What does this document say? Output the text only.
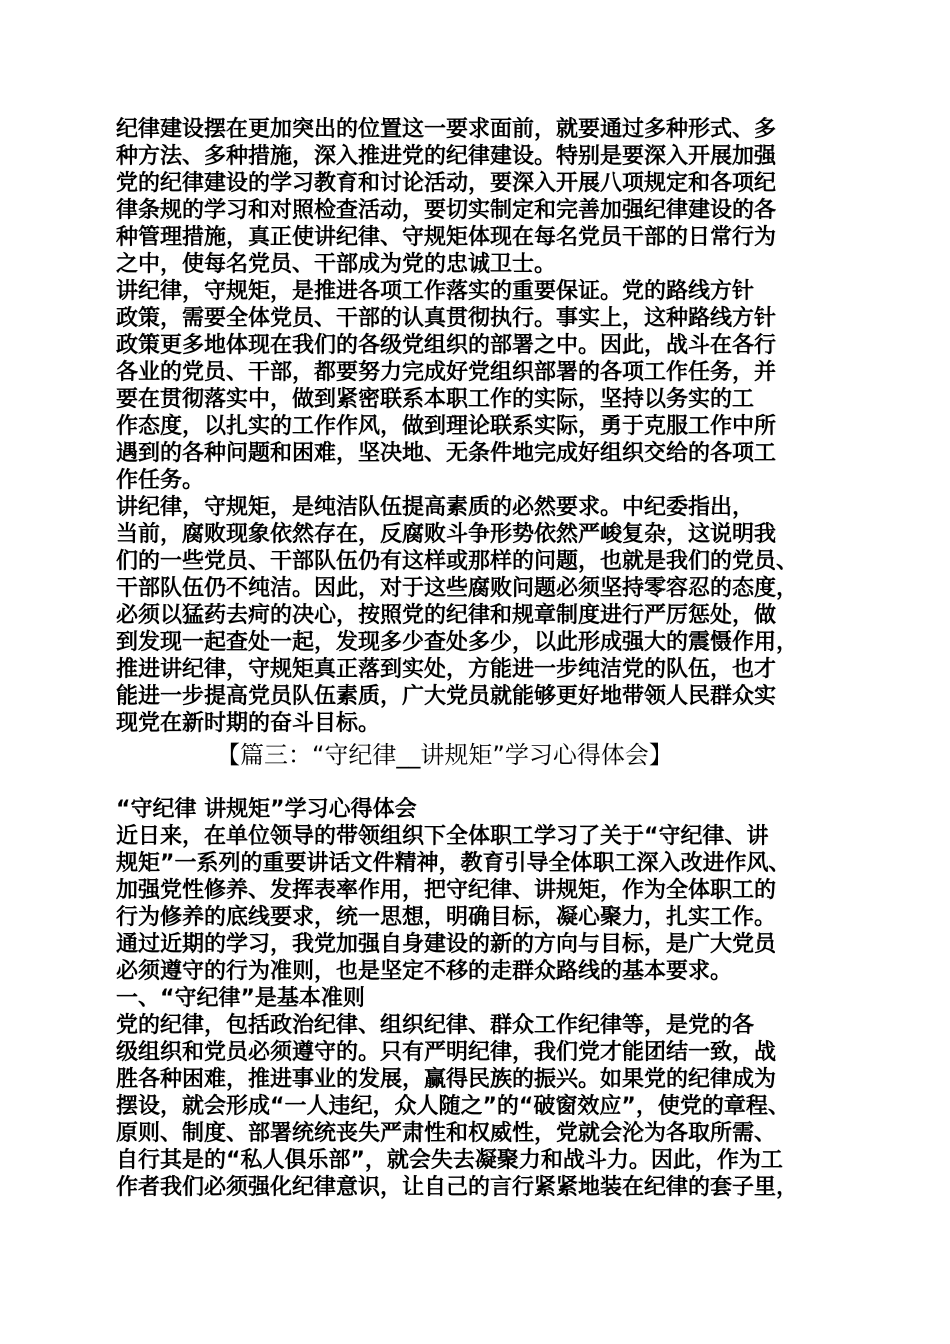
纪律建设摆在更加突出的位置这一要求面前，就要通过多种形式、多
种方法、多种措施，深入推进党的纪律建设。特别是要深入开展加强
党的纪律建设的学习教育和讨论活动，要深入开展八项规定和各项纪
律条规的学习和对照检查活动，要切实制定和完善加强纪律建设的各
种管理措施，真正使讲纪律、守规矩体现在每名党员干部的日常行为
之中，使每名党员、干部成为党的忠诚卫士。
讲纪律，守规矩，是推进各项工作落实的重要保证。党的路线方针
政策，需要全体党员、干部的认真贯彻执行。事实上，这种路线方针
政策更多地体现在我们的各级党组织的部署之中。因此，战斗在各行
各业的党员、干部，都要努力完成好党组织部署的各项工作任务，并
要在贯彻落实中，做到紧密联系本职工作的实际，坚持以务实的工
作态度，以扎实的工作作风，做到理论联系实际，勇于克服工作中所
遇到的各种问题和困难，坚决地、无条件地完成好组织交给的各项工
作任务。
讲纪律，守规矩，是纯洁队伍提高素质的必然要求。中纪委指出，
当前，腐败现象依然存在，反腐败斗争形势依然严峻复杂，这说明我
们的一些党员、干部队伍仍有这样或那样的问题，也就是我们的党员、
干部队伍仍不纯洁。因此，对于这些腐败问题必须坚持零容忍的态度，
必须以猛药去疴的决心，按照党的纪律和规章制度进行严厉惩处，做
到发现一起查处一起，发现多少查处多少，以此形成强大的震慑作用，
推进讲纪律，守规矩真正落到实处，方能进一步纯洁党的队伍，也才
能进一步提高党员队伍素质，广大党员就能够更好地带领人民群众实
现党在新时期的奋斗目标。
【篇三：“守纪律__讲规矩”学习心得体会】
“守纪律 讲规矩”学习心得体会
近日来，在单位领导的带领组织下全体职工学习了关于“守纪律、讲
规矩”一系列的重要讲话文件精神，教育引导全体职工深入改进作风、
加强党性修养、发挥表率作用，把守纪律、讲规矩，作为全体职工的
行为修养的底线要求，统一思想，明确目标，凝心聚力，扎实工作。
通过近期的学习，我党加强自身建设的新的方向与目标，是广大党员
必须遵守的行为准则，也是坚定不移的走群众路线的基本要求。
一、“守纪律”是基本准则
党的纪律，包括政治纪律、组织纪律、群众工作纪律等，是党的各
级组织和党员必须遵守的。只有严明纪律，我们党才能团结一致，战
胜各种困难，推进事业的发展，赢得民族的振兴。如果党的纪律成为
摆设，就会形成“一人违纪，众人随之”的“破窗效应”，使党的章程、
原则、制度、部署统统丧失严肃性和权威性，党就会沦为各取所需、
自行其是的“私人俱乐部”，就会失去凝聚力和战斗力。因此，作为工
作者我们必须强化纪律意识，让自己的言行紧紧地装在纪律的套子里，
